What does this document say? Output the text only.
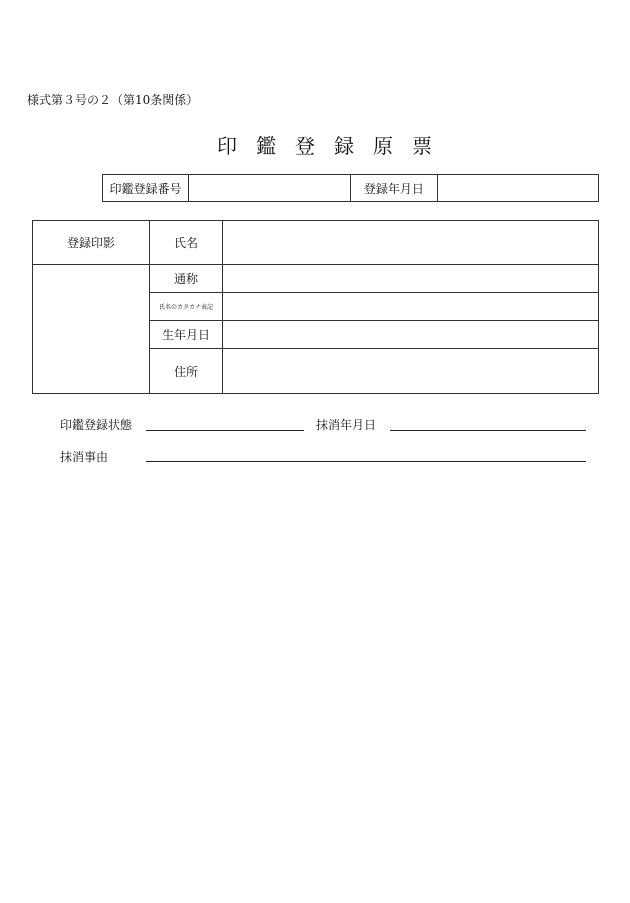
様式第３号の２（第10条関係）
印鑑登録原票
印鑑登録番号		登録年月日	
登録印影	氏名	
	通称	
	氏名のカタカナ表記	
	生年月日	
	住所	
印鑑登録状態	抹消年月日
抹消事由
